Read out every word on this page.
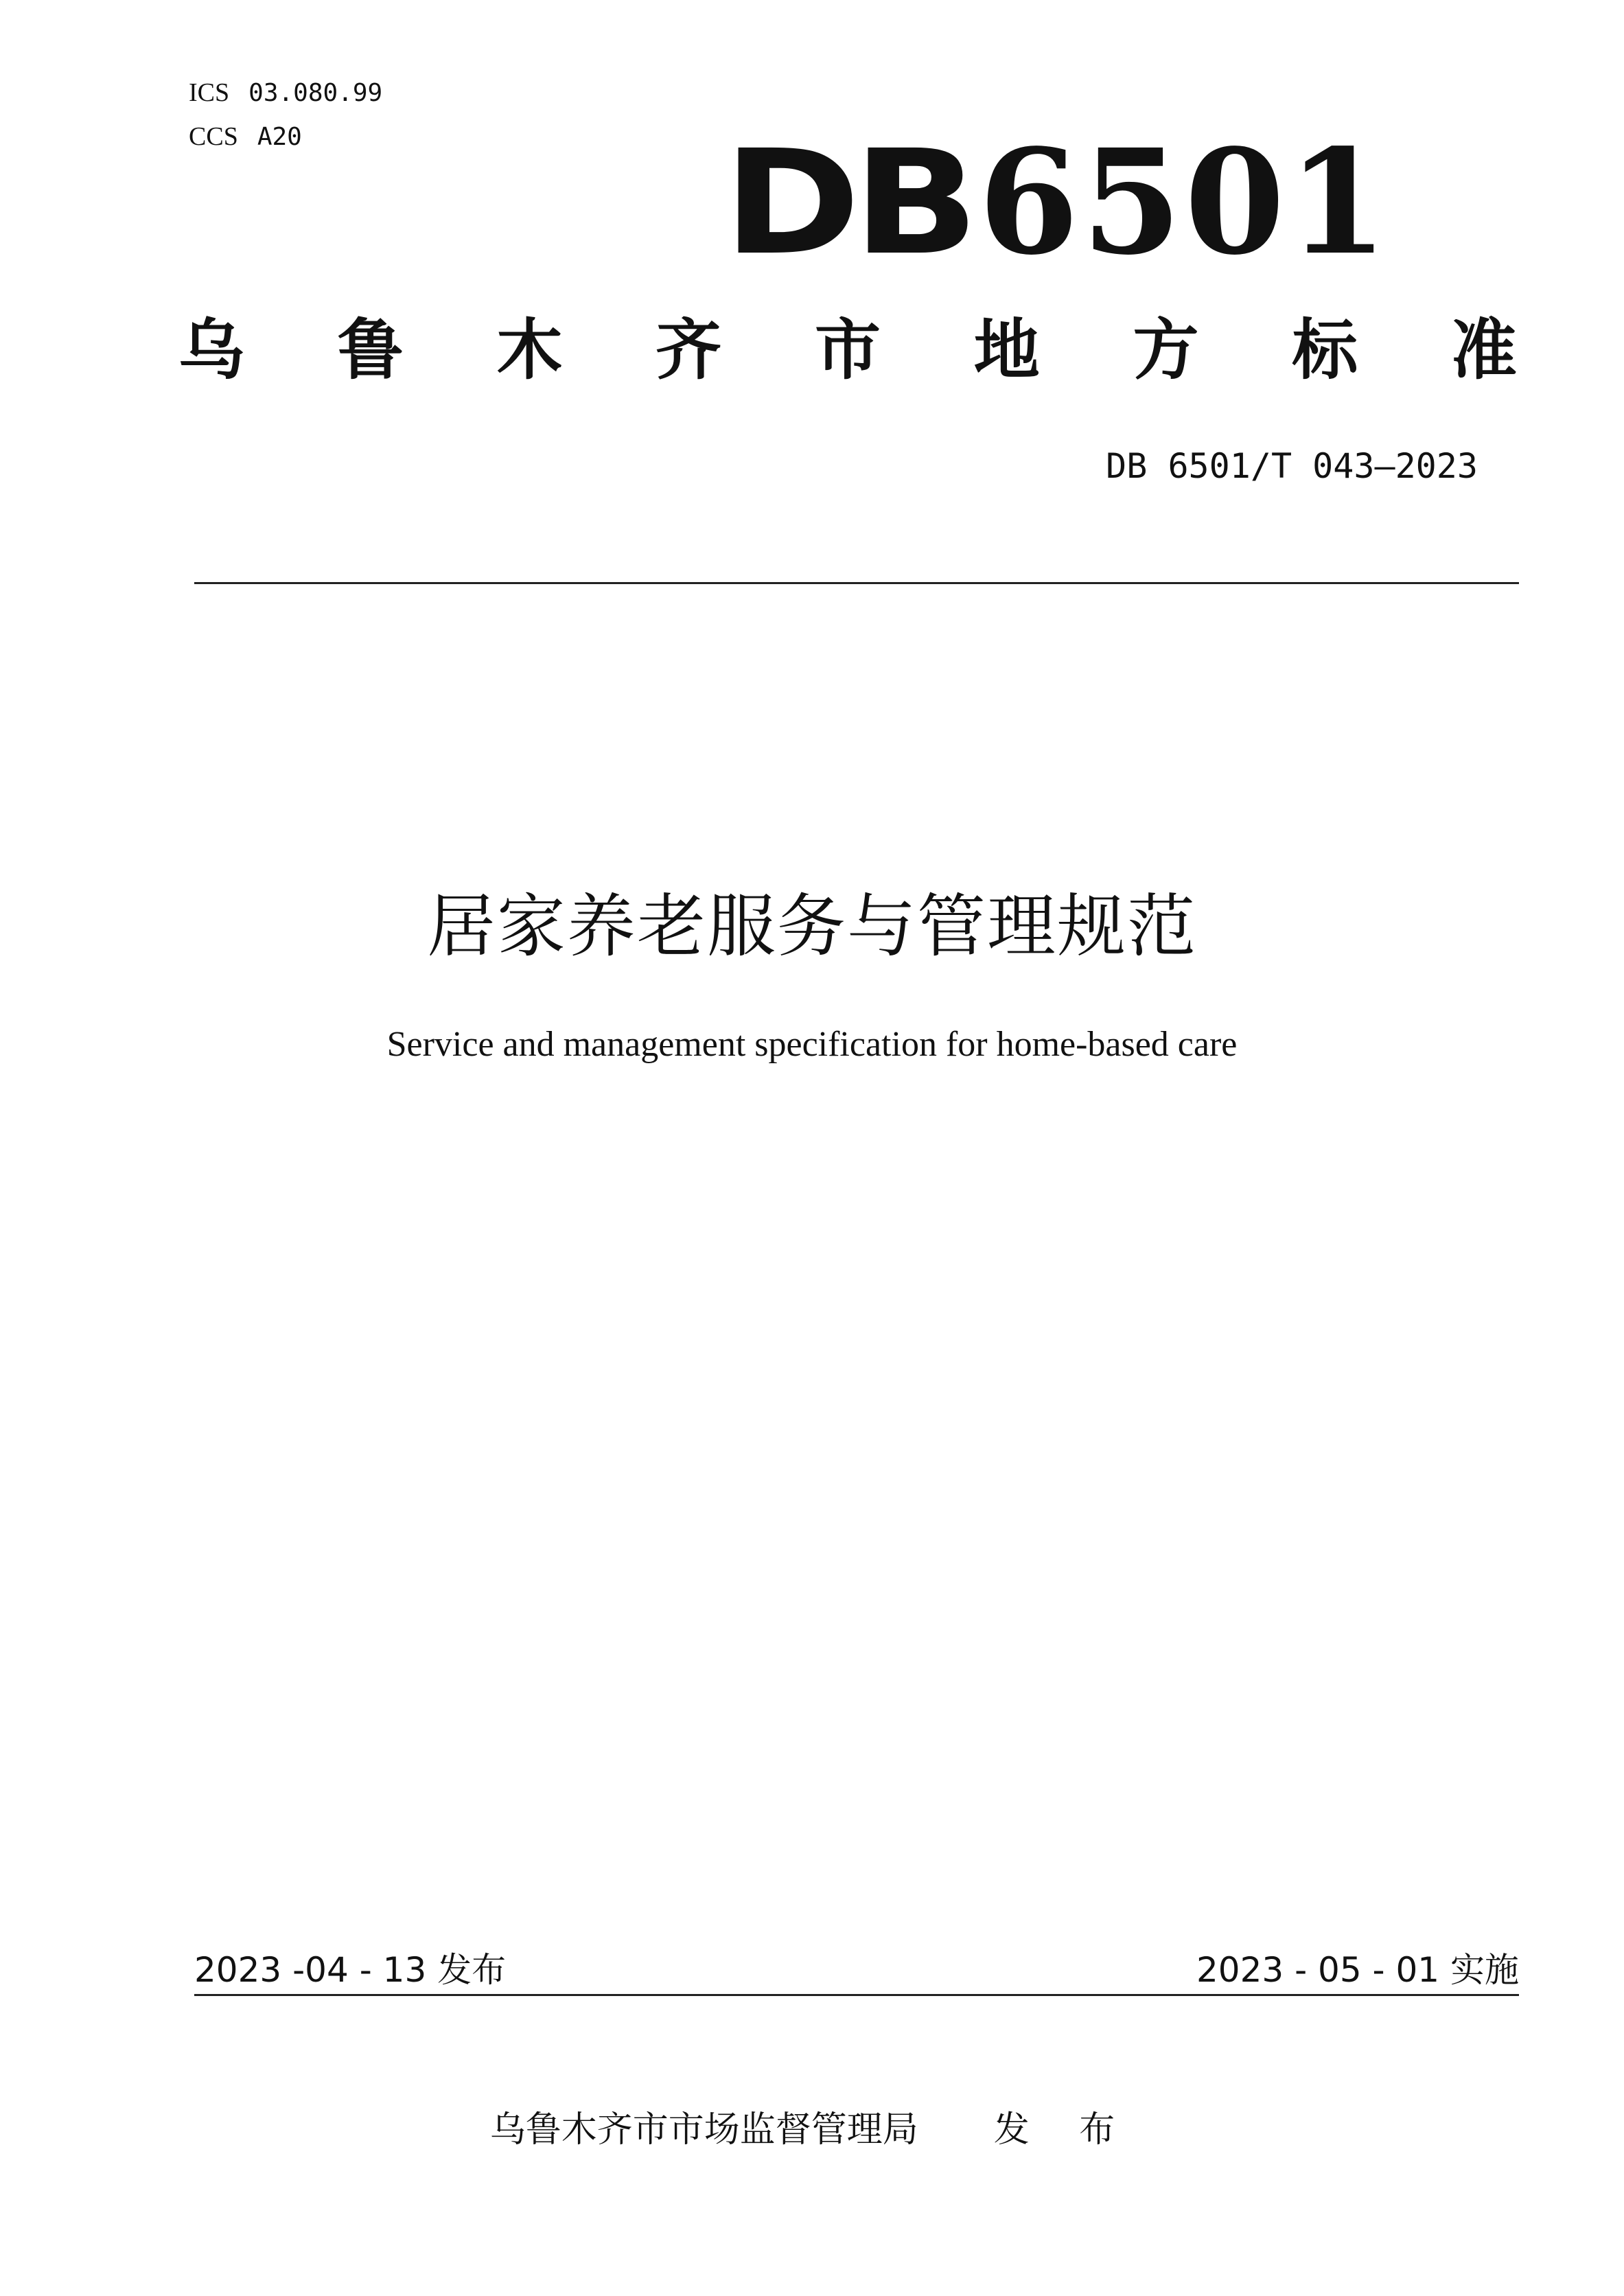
ICS 03.080.99
CCS A20	DB6501
乌 鲁 木 齐 市 地 方 标 准
DB 6501/T 043—2023
居家养老服务与管理规范
Service and management specification for home-based care
2023 -04 - 13 发布	2023 - 05 - 01 实施
乌鲁木齐市市场监督管理局 发 布
